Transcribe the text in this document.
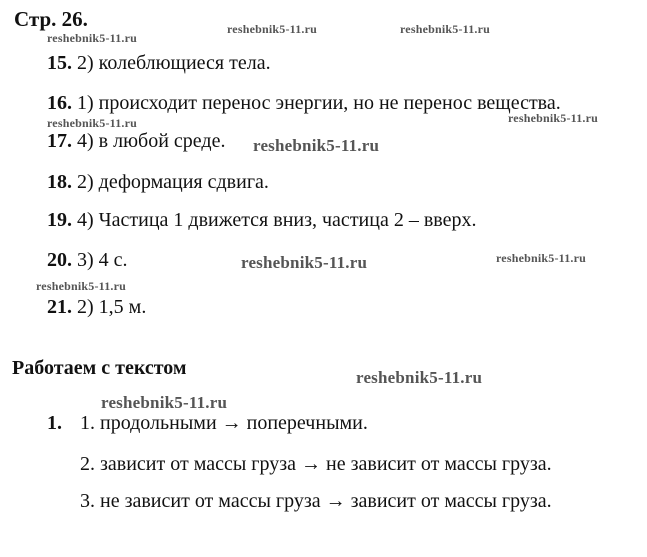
Стр. 26.
reshebnik5-11.ru
reshebnik5-11.ru	reshebnik5-11.ru
reshebnik5-11.ru	reshebnik5-11.ru
reshebnik5-11.ru
reshebnik5-11.ru
reshebnik5-11.ru
reshebnik5-11.ru
reshebnik5-11.ru
reshebnik5-11.ru
15. 2) колеблющиеся тела.
16. 1) происходит перенос энергии, но не перенос вещества.
17. 4) в любой среде.
18. 2) деформация сдвига.
19. 4) Частица 1 движется вниз, частица 2 – вверх.
20. 3) 4 с.
21. 2) 1,5 м.
Работаем с текстом
1. 1. продольными → поперечными.
2. зависит от массы груза → не зависит от массы груза.
3. не зависит от массы груза → зависит от массы груза.
